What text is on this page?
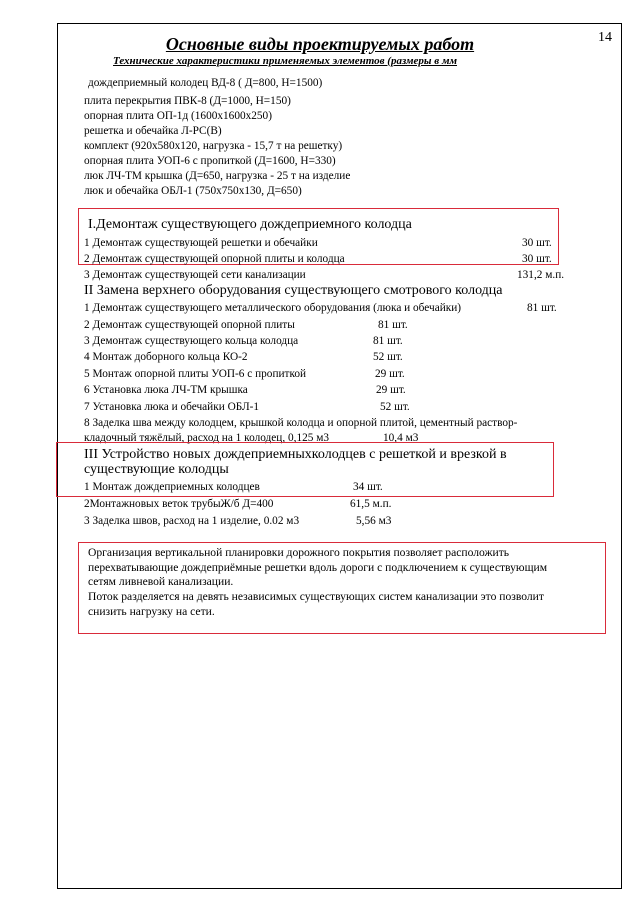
14
Основные виды проектируемых работ
Технические характеристики применяемых элементов (размеры в мм
дождеприемный колодец ВД-8 ( Д=800, Н=1500)
плита перекрытия ПВК-8 (Д=1000, Н=150)
опорная плита ОП-1д (1600х1600х250)
решетка и обечайка Л-РС(В)
комплект (920х580х120, нагрузка - 15,7 т на решетку)
опорная плита УОП-6 с пропиткой (Д=1600, Н=330)
люк ЛЧ-ТМ крышка (Д=650, нагрузка - 25 т на изделие
люк и обечайка ОБЛ-1 (750х750х130, Д=650)
I.Демонтаж существующего дождеприемного колодца
1 Демонтаж существующей решетки и обечайки	30 шт.
2 Демонтаж существующей опорной плиты и колодца	30 шт.
3 Демонтаж существующей сети канализации	131,2 м.п.
II Замена верхнего оборудования существующего смотрового колодца
1 Демонтаж существующего металлического оборудования (люка и обечайки)	81 шт.
2 Демонтаж существующей опорной плиты	81 шт.
3 Демонтаж существующего кольца колодца	81 шт.
4 Монтаж доборного кольца КО-2	52 шт.
5 Монтаж опорной плиты УОП-6 с пропиткой	29 шт.
6 Установка люка ЛЧ-ТМ крышка	29 шт.
7 Установка люка и обечайки ОБЛ-1	52 шт.
8 Заделка шва между колодцем, крышкой колодца и опорной плитой, цементный раствор-
кладочный тяжёлый, расход на 1 колодец, 0,125 м3	10,4 м3
III Устройство новых дождеприемныхколодцев с решеткой и врезкой в
существующие колодцы
1 Монтаж дождеприемных колодцев	34 шт.
2Монтажновых веток трубыЖ/б Д=400	61,5 м.п.
3 Заделка швов, расход на 1 изделие, 0.02 м3	5,56 м3
Организация вертикальной планировки дорожного покрытия позволяет расположить
перехватывающие дождеприёмные решетки вдоль дороги с подключением к существующим
сетям ливневой канализации.
Поток разделяется на девять независимых существующих систем канализации это позволит
снизить нагрузку на сети.
